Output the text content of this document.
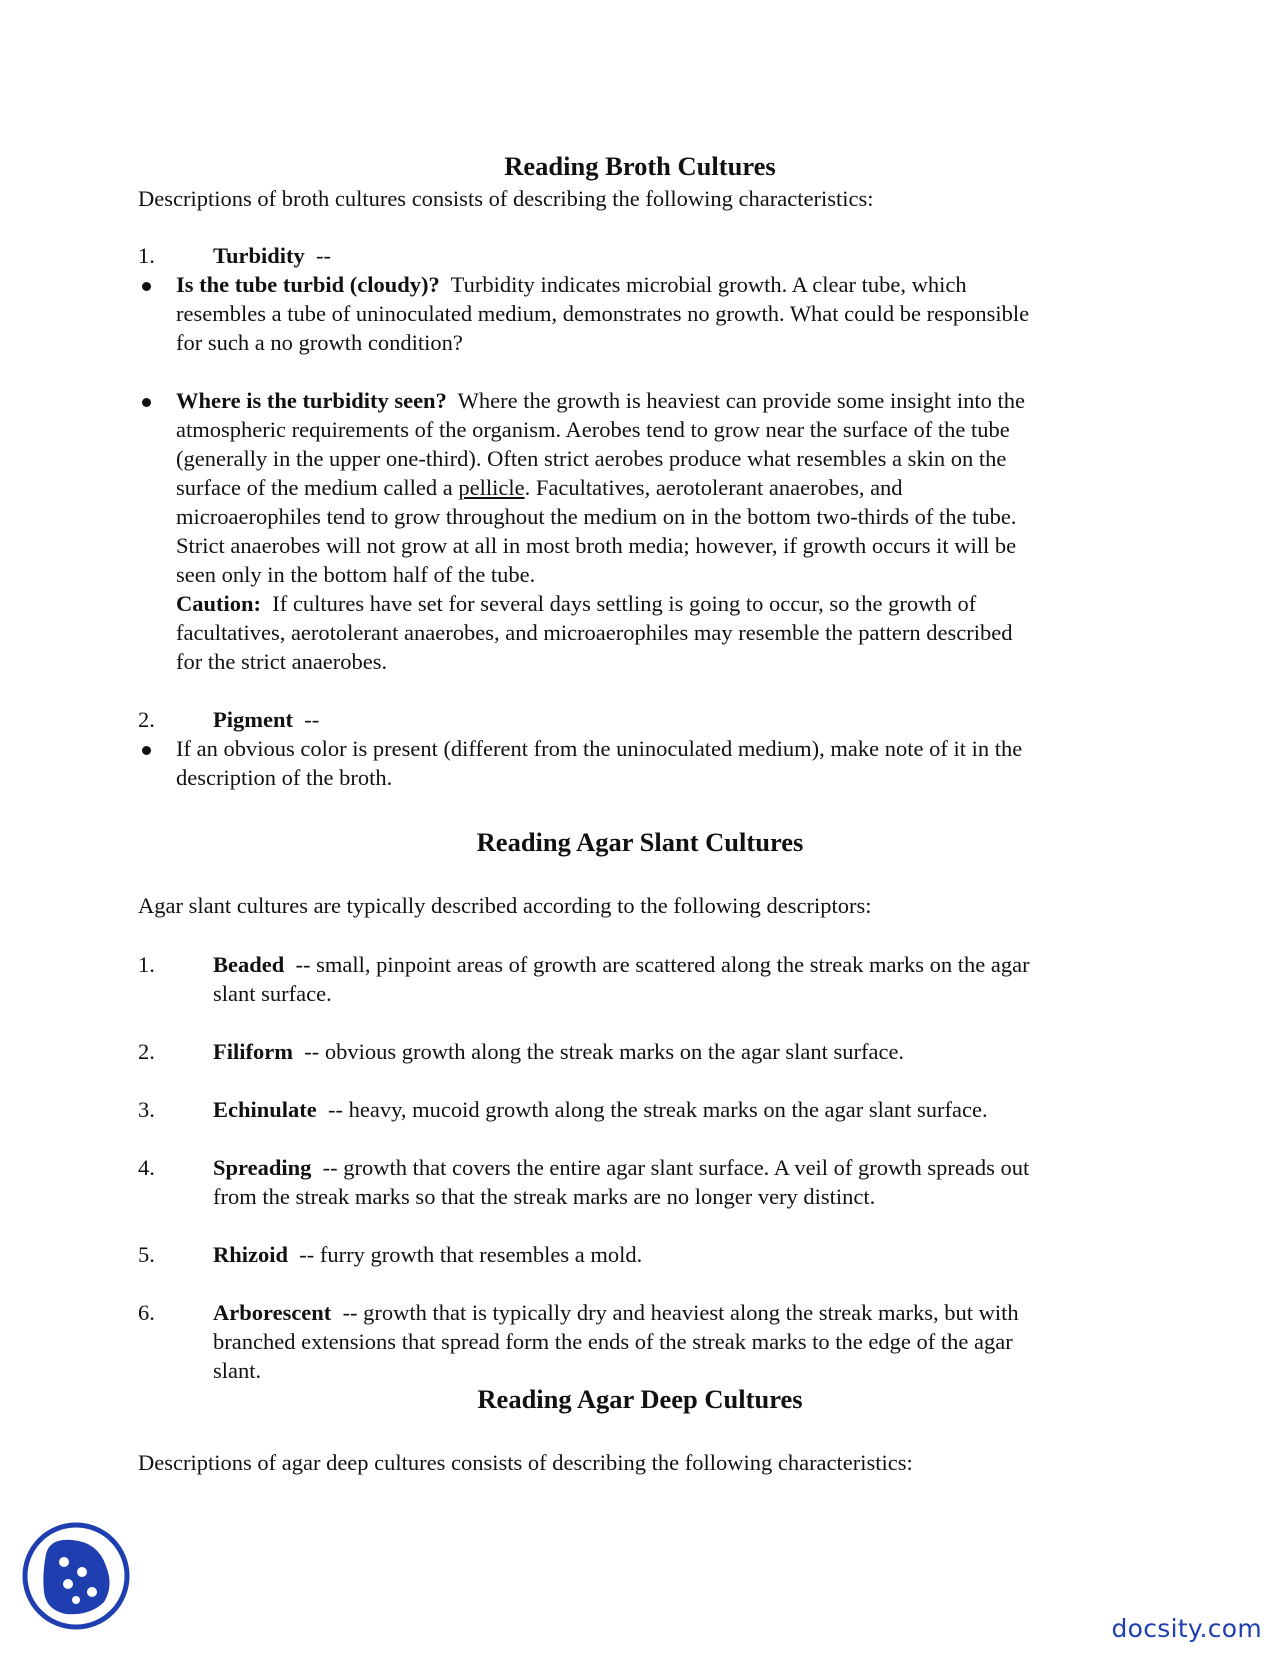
Reading Broth Cultures

Descriptions of broth cultures consists of describing the following characteristics:

1.	Turbidity --

Is the tube turbid (cloudy)? Turbidity indicates microbial growth. A clear tube, which

resembles a tube of uninoculated medium, demonstrates no growth. What could be responsible

for such a no growth condition?

Where is the turbidity seen? Where the growth is heaviest can provide some insight into the

atmospheric requirements of the organism. Aerobes tend to grow near the surface of the tube

(generally in the upper one-third). Often strict aerobes produce what resembles a skin on the

surface of the medium called a pellicle. Facultatives, aerotolerant anaerobes, and

microaerophiles tend to grow throughout the medium on in the bottom two-thirds of the tube.

Strict anaerobes will not grow at all in most broth media; however, if growth occurs it will be

seen only in the bottom half of the tube.

Caution: If cultures have set for several days settling is going to occur, so the growth of

facultatives, aerotolerant anaerobes, and microaerophiles may resemble the pattern described

for the strict anaerobes.

2.	Pigment --

If an obvious color is present (different from the uninoculated medium), make note of it in the

description of the broth.

Reading Agar Slant Cultures

Agar slant cultures are typically described according to the following descriptors:

1.	Beaded -- small, pinpoint areas of growth are scattered along the streak marks on the agar

slant surface.

2.	Filiform -- obvious growth along the streak marks on the agar slant surface.

3.	Echinulate -- heavy, mucoid growth along the streak marks on the agar slant surface.

4.	Spreading -- growth that covers the entire agar slant surface. A veil of growth spreads out

from the streak marks so that the streak marks are no longer very distinct.

5.	Rhizoid -- furry growth that resembles a mold.

6.	Arborescent -- growth that is typically dry and heaviest along the streak marks, but with

branched extensions that spread form the ends of the streak marks to the edge of the agar

slant.

Reading Agar Deep Cultures

Descriptions of agar deep cultures consists of describing the following characteristics:

docsity.com
